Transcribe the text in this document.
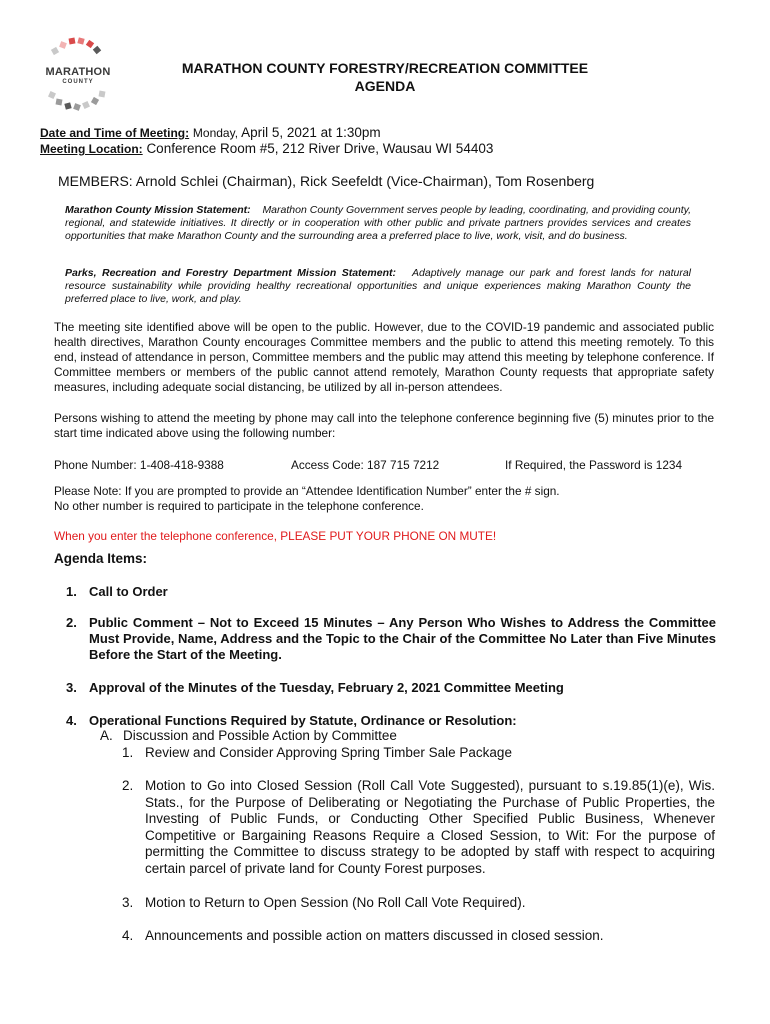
MARATHON
COUNTY
MARATHON COUNTY FORESTRY/RECREATION COMMITTEE
AGENDA
Date and Time of Meeting: Monday, April 5, 2021 at 1:30pm
Meeting Location: Conference Room #5, 212 River Drive, Wausau WI 54403
MEMBERS: Arnold Schlei (Chairman), Rick Seefeldt (Vice-Chairman), Tom Rosenberg
Marathon County Mission Statement: Marathon County Government serves people by leading, coordinating, and providing county, regional, and statewide initiatives. It directly or in cooperation with other public and private partners provides services and creates opportunities that make Marathon County and the surrounding area a preferred place to live, work, visit, and do business.
Parks, Recreation and Forestry Department Mission Statement: Adaptively manage our park and forest lands for natural resource sustainability while providing healthy recreational opportunities and unique experiences making Marathon County the preferred place to live, work, and play.
The meeting site identified above will be open to the public. However, due to the COVID-19 pandemic and associated public health directives, Marathon County encourages Committee members and the public to attend this meeting remotely. To this end, instead of attendance in person, Committee members and the public may attend this meeting by telephone conference. If Committee members or members of the public cannot attend remotely, Marathon County requests that appropriate safety measures, including adequate social distancing, be utilized by all in-person attendees.
Persons wishing to attend the meeting by phone may call into the telephone conference beginning five (5) minutes prior to the start time indicated above using the following number:
Phone Number: 1-408-418-9388	Access Code: 187 715 7212	If Required, the Password is 1234
Please Note: If you are prompted to provide an “Attendee Identification Number” enter the # sign.
No other number is required to participate in the telephone conference.
When you enter the telephone conference, PLEASE PUT YOUR PHONE ON MUTE!
Agenda Items:
1. Call to Order
2. Public Comment – Not to Exceed 15 Minutes – Any Person Who Wishes to Address the Committee Must Provide, Name, Address and the Topic to the Chair of the Committee No Later than Five Minutes Before the Start of the Meeting.
3. Approval of the Minutes of the Tuesday, February 2, 2021 Committee Meeting
4. Operational Functions Required by Statute, Ordinance or Resolution:
A. Discussion and Possible Action by Committee
1. Review and Consider Approving Spring Timber Sale Package
2. Motion to Go into Closed Session (Roll Call Vote Suggested), pursuant to s.19.85(1)(e), Wis. Stats., for the Purpose of Deliberating or Negotiating the Purchase of Public Properties, the Investing of Public Funds, or Conducting Other Specified Public Business, Whenever Competitive or Bargaining Reasons Require a Closed Session, to Wit: For the purpose of permitting the Committee to discuss strategy to be adopted by staff with respect to acquiring certain parcel of private land for County Forest purposes.
3. Motion to Return to Open Session (No Roll Call Vote Required).
4. Announcements and possible action on matters discussed in closed session.
